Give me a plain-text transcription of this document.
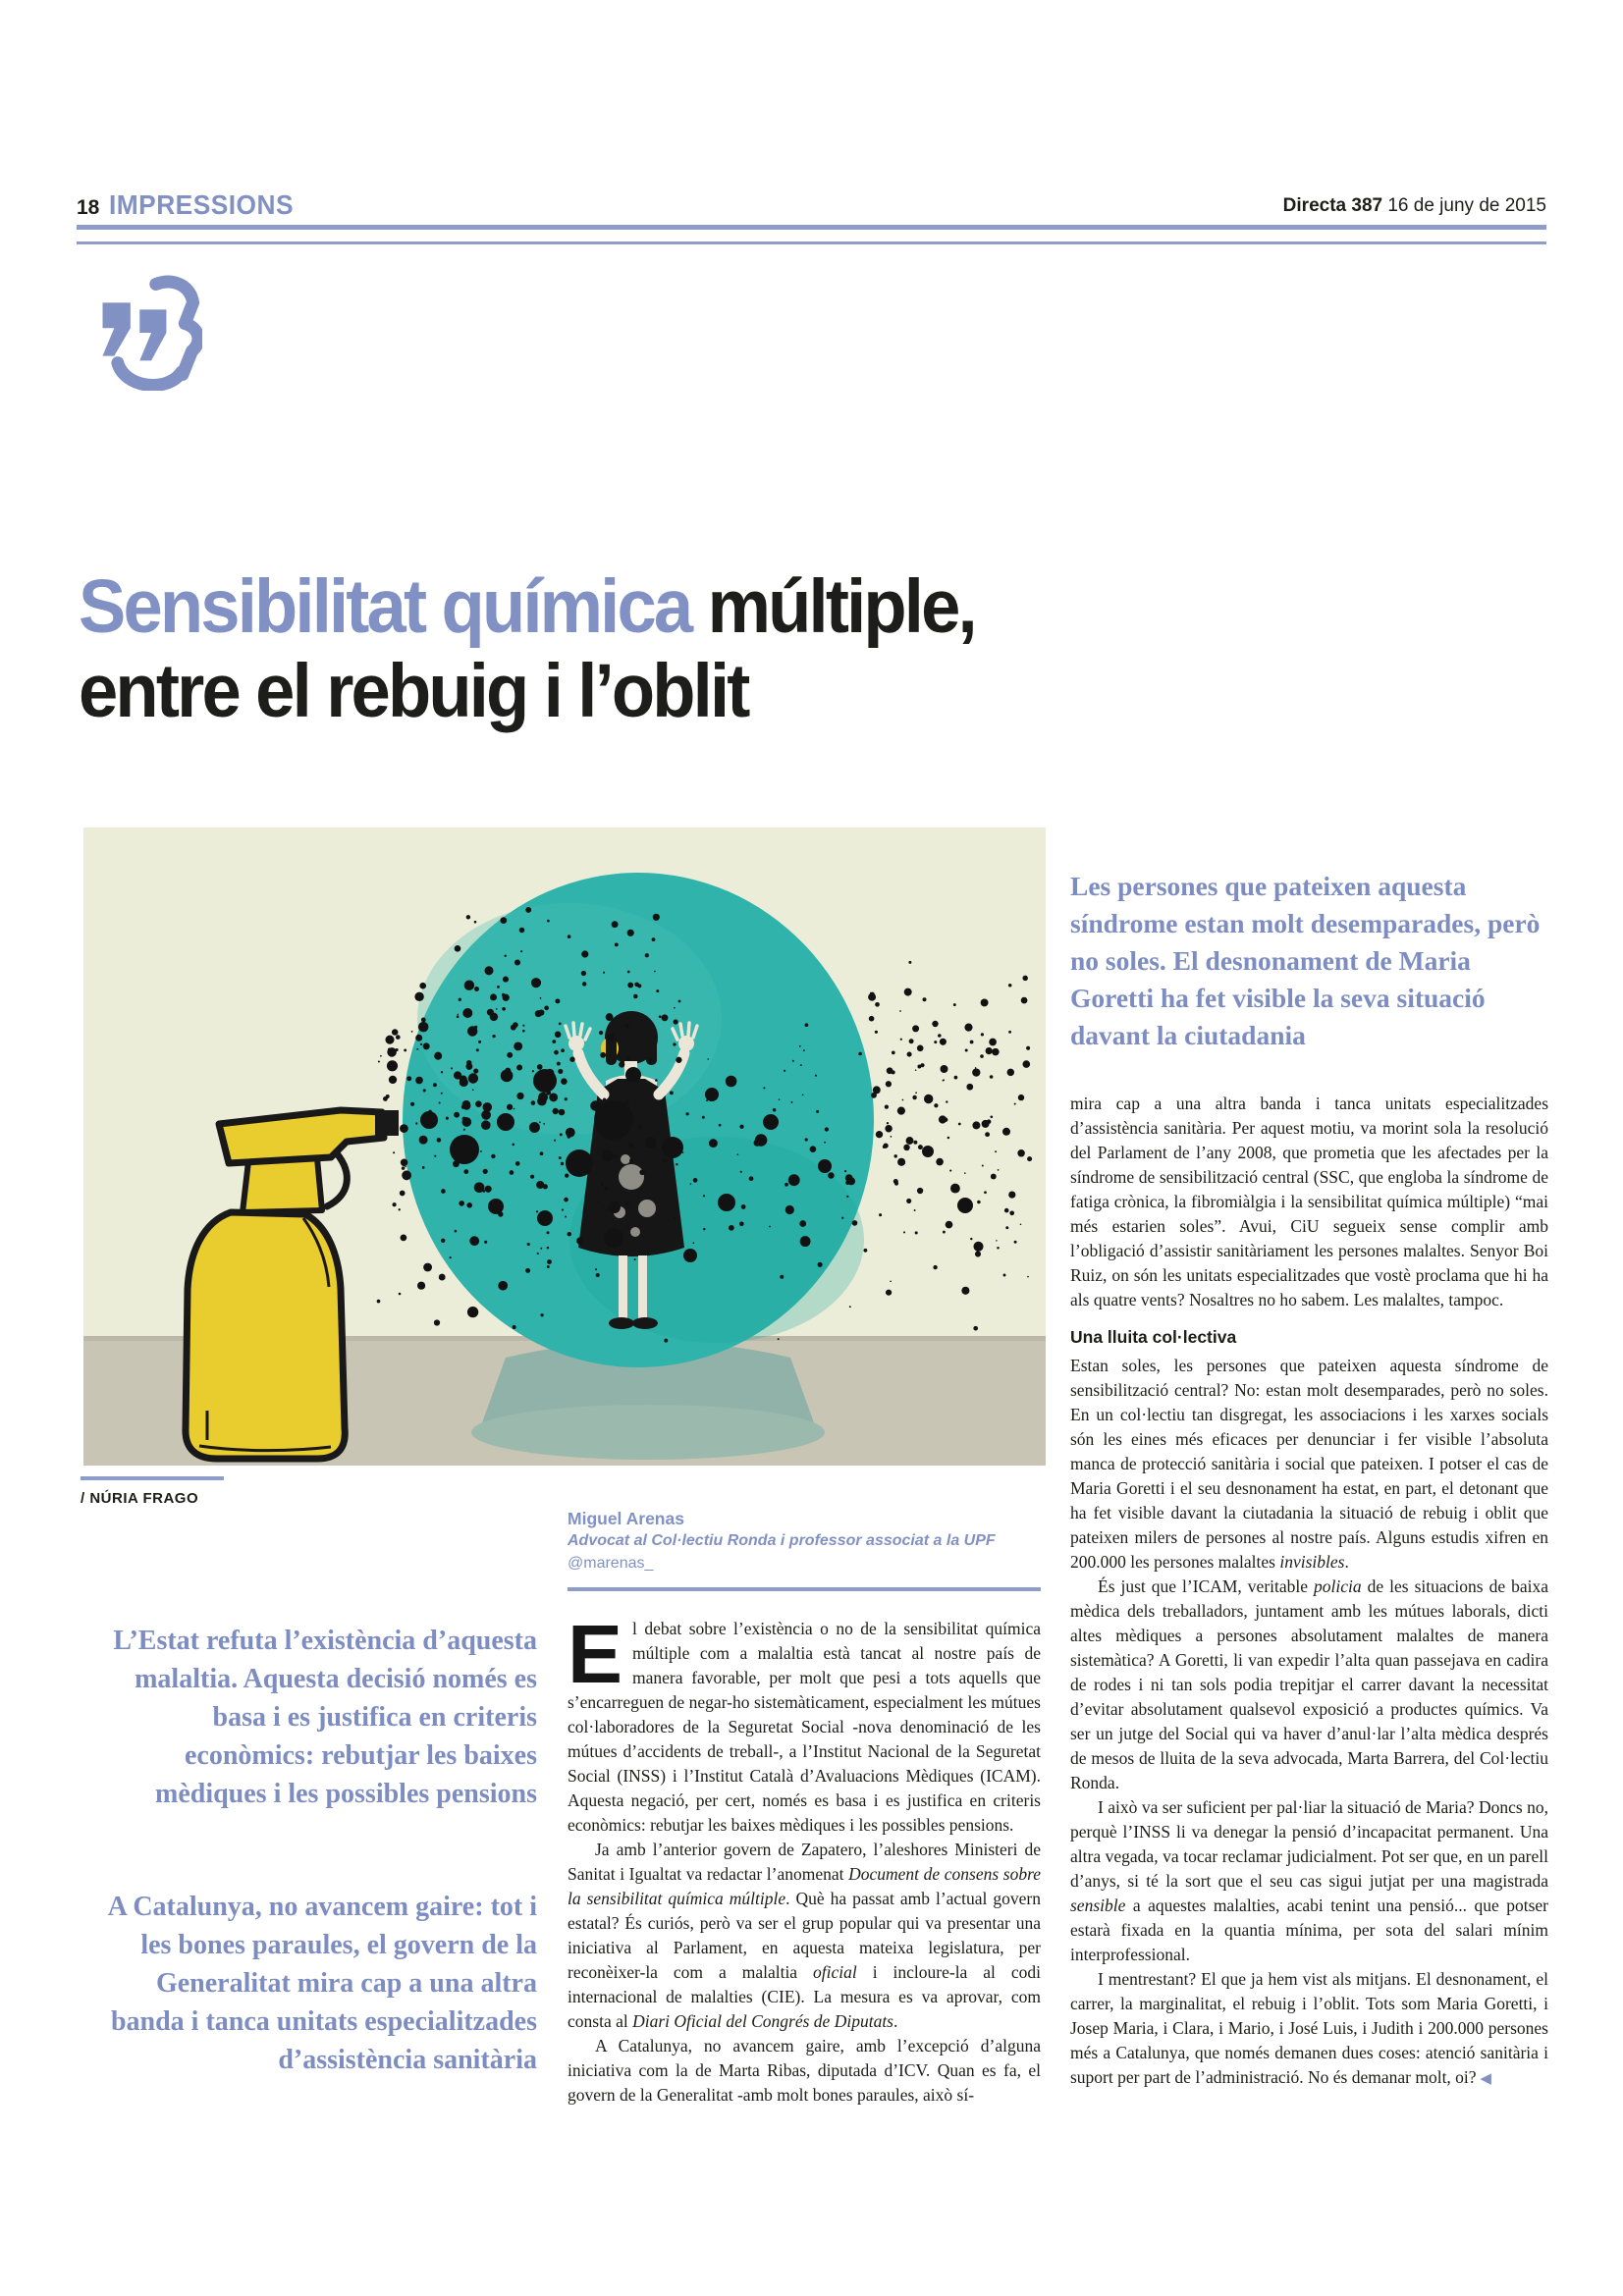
18 IMPRESSIONS	Directa 387 16 de juny de 2015
Sensibilitat química múltiple,
entre el rebuig i l’oblit
/ NÚRIA FRAGO
Les persones que pateixen aquesta síndrome estan molt desemparades, però no soles. El desnonament de Maria Goretti ha fet visible la seva situació davant la ciutadania
L’Estat refuta l’existència d’aquesta malaltia. Aquesta decisió només es basa i es justifica en criteris econòmics: rebutjar les baixes mèdiques i les possibles pensions
A Catalunya, no avancem gaire: tot i les bones paraules, el govern de la Generalitat mira cap a una altra banda i tanca unitats especialitzades d’assistència sanitària
Miguel Arenas
Advocat al Col·lectiu Ronda i professor associat a la UPF
@marenas_

El debat sobre l’existència o no de la sensibilitat química múltiple com a malaltia està tancat al nostre país de manera favorable, per molt que pesi a tots aquells que s’encarreguen de negar-ho sistemàticament, especialment les mútues col·laboradores de la Seguretat Social -nova denominació de les mútues d’accidents de treball-, a l’Institut Nacional de la Seguretat Social (INSS) i l’Institut Català d’Avaluacions Mèdiques (ICAM). Aquesta negació, per cert, només es basa i es justifica en criteris econòmics: rebutjar les baixes mèdiques i les possibles pensions.

Ja amb l’anterior govern de Zapatero, l’aleshores Ministeri de Sanitat i Igualtat va redactar l’anomenat Document de consens sobre la sensibilitat química múltiple. Què ha passat amb l’actual govern estatal? És curiós, però va ser el grup popular qui va presentar una iniciativa al Parlament, en aquesta mateixa legislatura, per reconèixer-la com a malaltia oficial i incloure-la al codi internacional de malalties (CIE). La mesura es va aprovar, com consta al Diari Oficial del Congrés de Diputats.

A Catalunya, no avancem gaire, amb l’excepció d’alguna iniciativa com la de Marta Ribas, diputada d’ICV. Quan es fa, el govern de la Generalitat -amb molt bones paraules, això sí-

mira cap a una altra banda i tanca unitats especialitzades d’assistència sanitària. Per aquest motiu, va morint sola la resolució del Parlament de l’any 2008, que prometia que les afectades per la síndrome de sensibilització central (SSC, que engloba la síndrome de fatiga crònica, la fibromiàlgia i la sensibilitat química múltiple) “mai més estarien soles”. Avui, CiU segueix sense complir amb l’obligació d’assistir sanitàriament les persones malaltes. Senyor Boi Ruiz, on són les unitats especialitzades que vostè proclama que hi ha als quatre vents? Nosaltres no ho sabem. Les malaltes, tampoc.

Una lluita col·lectiva

Estan soles, les persones que pateixen aquesta síndrome de sensibilització central? No: estan molt desemparades, però no soles. En un col·lectiu tan disgregat, les associacions i les xarxes socials són les eines més eficaces per denunciar i fer visible l’absoluta manca de protecció sanitària i social que pateixen. I potser el cas de Maria Goretti i el seu desnonament ha estat, en part, el detonant que ha fet visible davant la ciutadania la situació de rebuig i oblit que pateixen milers de persones al nostre país. Alguns estudis xifren en 200.000 les persones malaltes invisibles.

És just que l’ICAM, veritable policia de les situacions de baixa mèdica dels treballadors, juntament amb les mútues laborals, dicti altes mèdiques a persones absolutament malaltes de manera sistemàtica? A Goretti, li van expedir l’alta quan passejava en cadira de rodes i ni tan sols podia trepitjar el carrer davant la necessitat d’evitar absolutament qualsevol exposició a productes químics. Va ser un jutge del Social qui va haver d’anul·lar l’alta mèdica després de mesos de lluita de la seva advocada, Marta Barrera, del Col·lectiu Ronda.

I això va ser suficient per pal·liar la situació de Maria? Doncs no, perquè l’INSS li va denegar la pensió d’incapacitat permanent. Una altra vegada, va tocar reclamar judicialment. Pot ser que, en un parell d’anys, si té la sort que el seu cas sigui jutjat per una magistrada sensible a aquestes malalties, acabi tenint una pensió... que potser estarà fixada en la quantia mínima, per sota del salari mínim interprofessional.

I mentrestant? El que ja hem vist als mitjans. El desnonament, el carrer, la marginalitat, el rebuig i l’oblit. Tots som Maria Goretti, i Josep Maria, i Clara, i Mario, i José Luis, i Judith i 200.000 persones més a Catalunya, que només demanen dues coses: atenció sanitària i suport per part de l’administració. No és demanar molt, oi? ◀
